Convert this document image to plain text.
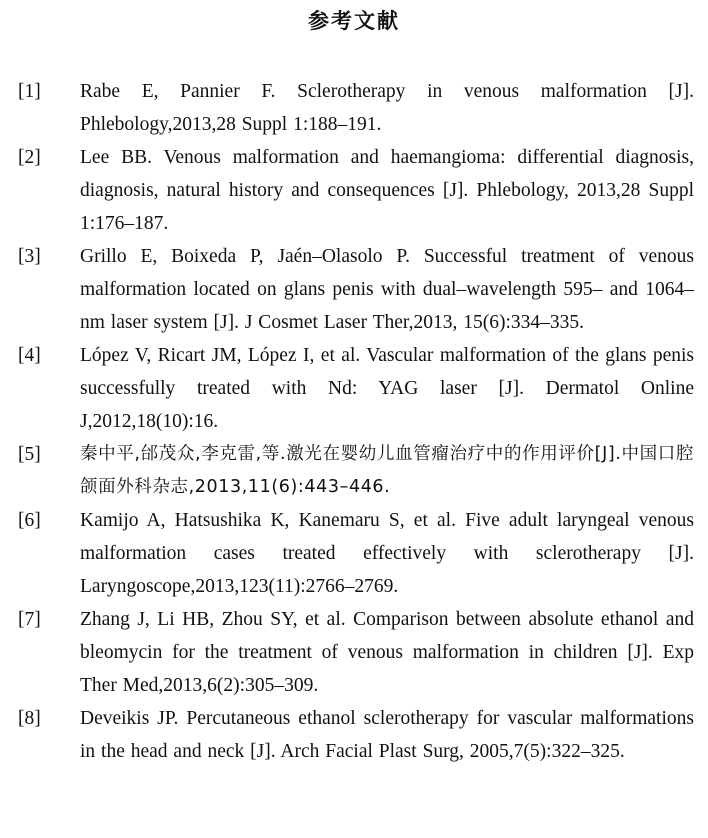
参考文献
[1]	Rabe E, Pannier F. Sclerotherapy in venous malformation [J]. Phlebology,2013,28 Suppl 1:188–191.
[2]	Lee BB. Venous malformation and haemangioma: differential diagnosis, diagnosis, natural history and consequences [J]. Phlebology, 2013,28 Suppl 1:176–187.
[3]	Grillo E, Boixeda P, Jaén–Olasolo P. Successful treatment of venous malformation located on glans penis with dual–wavelength 595– and 1064–nm laser system [J]. J Cosmet Laser Ther,2013, 15(6):334–335.
[4]	López V, Ricart JM, López I, et al. Vascular malformation of the glans penis successfully treated with Nd: YAG laser [J]. Dermatol Online J,2012,18(10):16.
[5]	秦中平,邰茂众,李克雷,等.激光在婴幼儿血管瘤治疗中的作用评价[J].中国口腔颌面外科杂志,2013,11(6):443–446.
[6]	Kamijo A, Hatsushika K, Kanemaru S, et al. Five adult laryngeal venous malformation cases treated effectively with sclerotherapy [J]. Laryngoscope,2013,123(11):2766–2769.
[7]	Zhang J, Li HB, Zhou SY, et al. Comparison between absolute ethanol and bleomycin for the treatment of venous malformation in children [J]. Exp Ther Med,2013,6(2):305–309.
[8]	Deveikis JP. Percutaneous ethanol sclerotherapy for vascular malformations in the head and neck [J]. Arch Facial Plast Surg, 2005,7(5):322–325.
